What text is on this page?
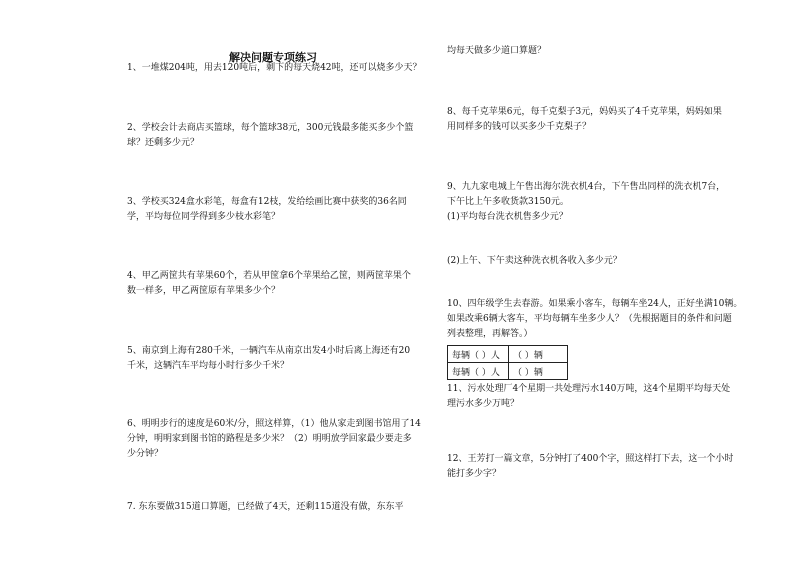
解决问题专项练习
1、一堆煤204吨，用去120吨后，剩下的每天烧42吨，还可以烧多少天？
2、学校会计去商店买篮球，每个篮球38元，300元钱最多能买多少个篮
球？还剩多少元？
3、学校买324盒水彩笔，每盒有12枝，发给绘画比赛中获奖的36名同
学，平均每位同学得到多少枝水彩笔？
4、甲乙两筐共有苹果60个，若从甲筐拿6个苹果给乙筐，则两筐苹果个
数一样多，甲乙两筐原有苹果多少个？
5、南京到上海有280千米，一辆汽车从南京出发4小时后离上海还有20
千米，这辆汽车平均每小时行多少千米？
6、明明步行的速度是60米/分，照这样算，（1）他从家走到图书馆用了14
分钟，明明家到图书馆的路程是多少米？（2）明明放学回家最少要走多
少分钟？
7. 东东要做315道口算题，已经做了4天，还剩115道没有做，东东平
均每天做多少道口算题？
8、每千克苹果6元，每千克梨子3元，妈妈买了4千克苹果，妈妈如果
用同样多的钱可以买多少千克梨子？
9、九九家电城上午售出海尔洗衣机4台，下午售出同样的洗衣机7台，
下午比上午多收货款3150元。
(1)平均每台洗衣机售多少元？
(2)上午、下午卖这种洗衣机各收入多少元？
10、四年级学生去春游。如果乘小客车，每辆车坐24人，正好坐满10辆。
如果改乘6辆大客车，平均每辆车坐多少人？（先根据题目的条件和问题
列表整理，再解答。）
每辆（ ）人	（ ）辆
每辆（ ）人	（ ）辆
11、污水处理厂4个星期一共处理污水140万吨，这4个星期平均每天处
理污水多少万吨？
12、王芳打一篇文章，5分钟打了400个字，照这样打下去，这一个小时
能打多少字？
